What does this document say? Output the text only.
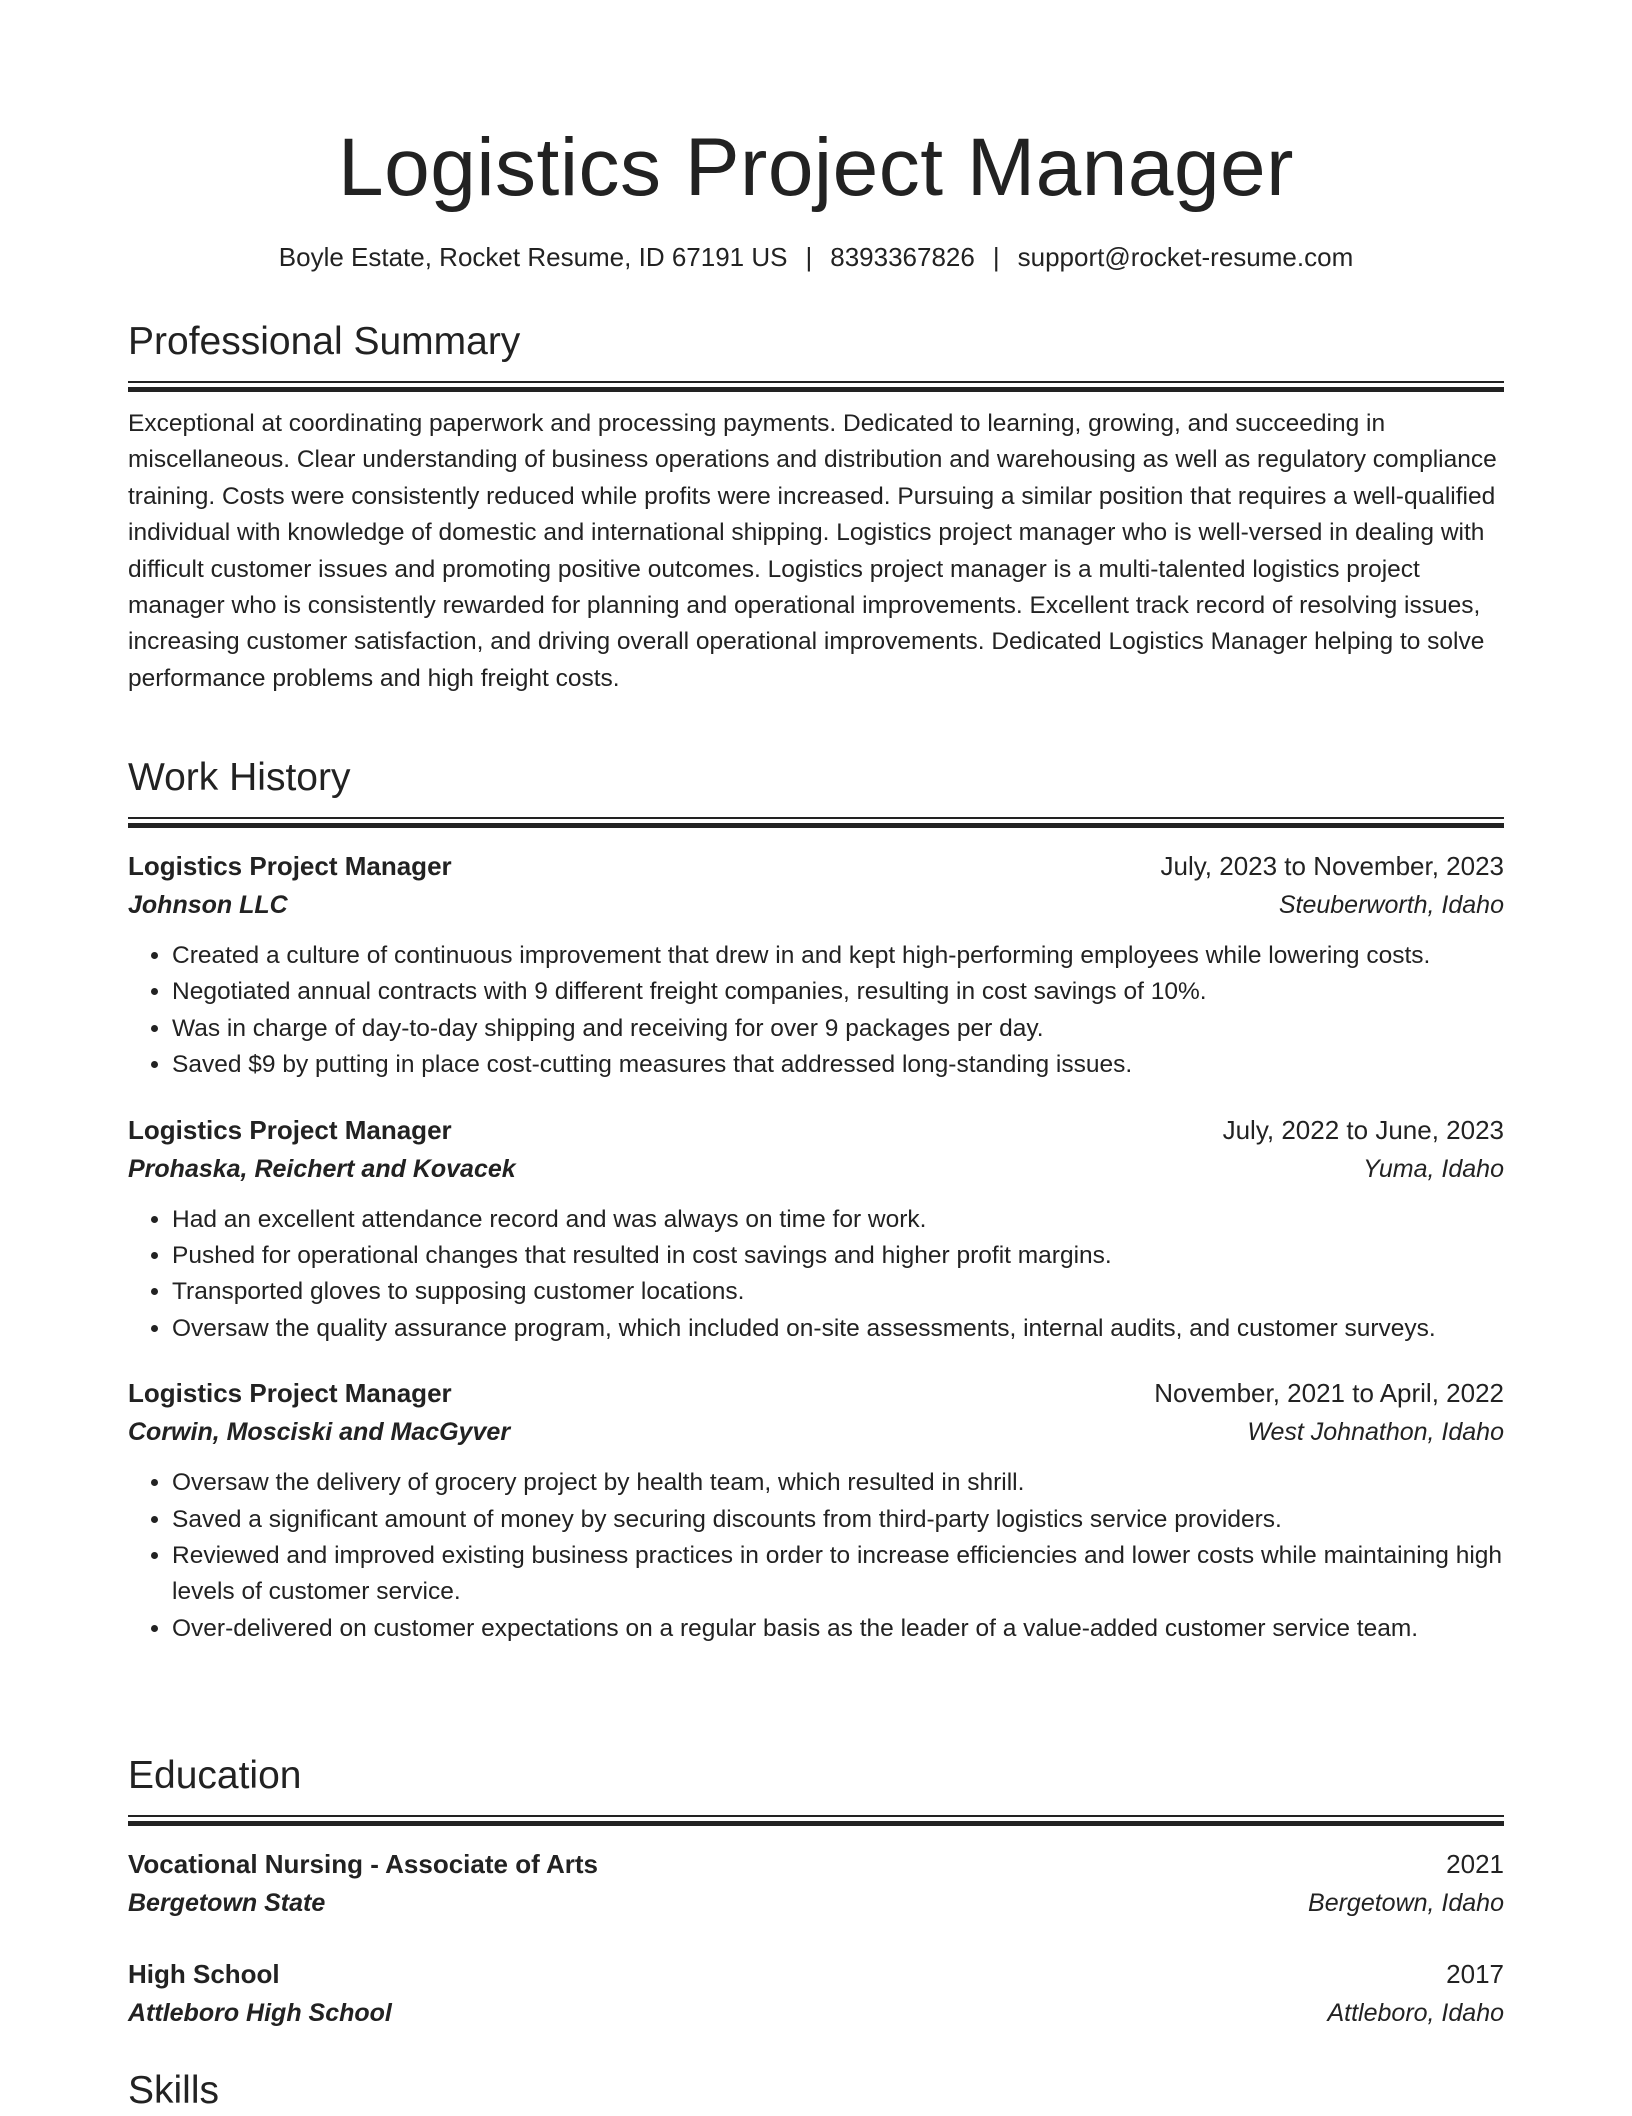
Logistics Project Manager
Boyle Estate, Rocket Resume, ID 67191 US | 8393367826 | support@rocket-resume.com
Professional Summary
Exceptional at coordinating paperwork and processing payments. Dedicated to learning, growing, and succeeding in miscellaneous. Clear understanding of business operations and distribution and warehousing as well as regulatory compliance training. Costs were consistently reduced while profits were increased. Pursuing a similar position that requires a well-qualified individual with knowledge of domestic and international shipping. Logistics project manager who is well-versed in dealing with difficult customer issues and promoting positive outcomes. Logistics project manager is a multi-talented logistics project manager who is consistently rewarded for planning and operational improvements. Excellent track record of resolving issues, increasing customer satisfaction, and driving overall operational improvements. Dedicated Logistics Manager helping to solve performance problems and high freight costs.
Work History
Logistics Project Manager	July, 2023 to November, 2023
Johnson LLC	Steuberworth, Idaho
• Created a culture of continuous improvement that drew in and kept high-performing employees while lowering costs.
• Negotiated annual contracts with 9 different freight companies, resulting in cost savings of 10%.
• Was in charge of day-to-day shipping and receiving for over 9 packages per day.
• Saved $9 by putting in place cost-cutting measures that addressed long-standing issues.
Logistics Project Manager	July, 2022 to June, 2023
Prohaska, Reichert and Kovacek	Yuma, Idaho
• Had an excellent attendance record and was always on time for work.
• Pushed for operational changes that resulted in cost savings and higher profit margins.
• Transported gloves to supposing customer locations.
• Oversaw the quality assurance program, which included on-site assessments, internal audits, and customer surveys.
Logistics Project Manager	November, 2021 to April, 2022
Corwin, Mosciski and MacGyver	West Johnathon, Idaho
• Oversaw the delivery of grocery project by health team, which resulted in shrill.
• Saved a significant amount of money by securing discounts from third-party logistics service providers.
• Reviewed and improved existing business practices in order to increase efficiencies and lower costs while maintaining high levels of customer service.
• Over-delivered on customer expectations on a regular basis as the leader of a value-added customer service team.
Education
Vocational Nursing - Associate of Arts	2021
Bergetown State	Bergetown, Idaho
High School	2017
Attleboro High School	Attleboro, Idaho
Skills
